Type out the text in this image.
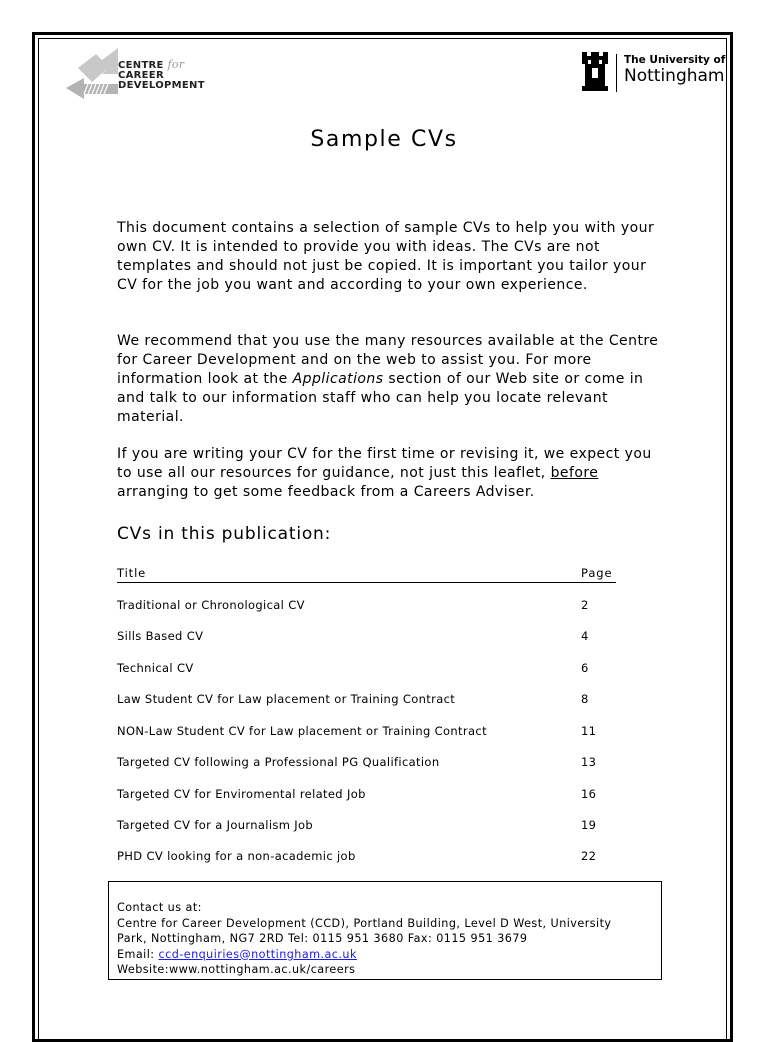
CENTRE for
CAREER
DEVELOPMENT
The University of
Nottingham
Sample CVs

This document contains a selection of sample CVs to help you with your own CV. It is intended to provide you with ideas. The CVs are not templates and should not just be copied. It is important you tailor your CV for the job you want and according to your own experience.

We recommend that you use the many resources available at the Centre for Career Development and on the web to assist you. For more information look at the Applications section of our Web site or come in and talk to our information staff who can help you locate relevant material.

If you are writing your CV for the first time or revising it, we expect you to use all our resources for guidance, not just this leaflet, before arranging to get some feedback from a Careers Adviser.

CVs in this publication:
Title	Page
Traditional or Chronological CV	2
Sills Based CV	4
Technical CV	6
Law Student CV for Law placement or Training Contract	8
NON-Law Student CV for Law placement or Training Contract	11
Targeted CV following a Professional PG Qualification	13
Targeted CV for Enviromental related Job	16
Targeted CV for a Journalism Job	19
PHD CV looking for a non-academic job	22
Contact us at:
Centre for Career Development (CCD), Portland Building, Level D West, University
Park, Nottingham, NG7 2RD Tel: 0115 951 3680 Fax: 0115 951 3679
Email: ccd-enquiries@nottingham.ac.uk
Website:www.nottingham.ac.uk/careers
